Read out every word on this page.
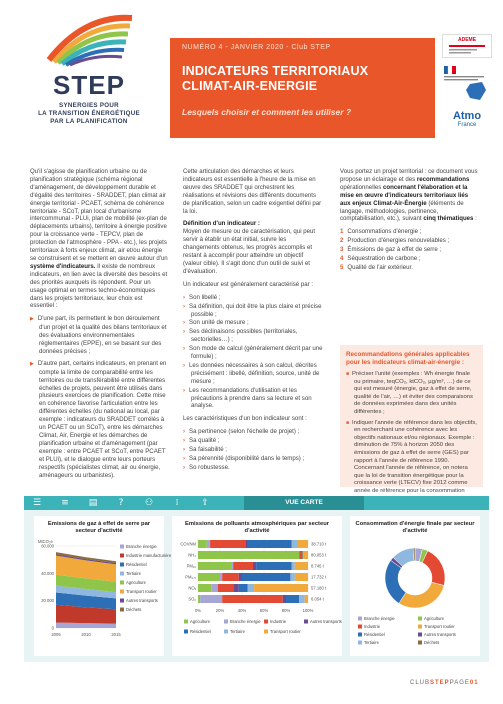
STEP
SYNERGIES POUR
LA TRANSITION ÉNERGÉTIQUE
PAR LA PLANIFICATION
NUMÉRO 4 - JANVIER 2020 - Club STEP
INDICATEURS TERRITORIAUX
CLIMAT-AIR-ENERGIE
Lesquels choisir et comment les utiliser ?
ADEME
Atmo
France

Qu'il s'agisse de planification urbaine ou de planification stratégique (schéma régional d'aménagement, de développement durable et d'égalité des territoires - SRADDET, plan climat air énergie territorial - PCAET, schéma de cohérence territoriale - SCoT, plan local d'urbanisme intercommunal - PLUi, plan de mobilité (ex-plan de déplacements urbains), territoire à énergie positive pour la croissance verte - TEPCV, plan de protection de l'atmosphère - PPA - etc.), les projets territoriaux à forts enjeux climat, air et/ou énergie se construisent et se mettent en œuvre autour d'un système d'indicateurs. Il existe de nombreux indicateurs, en lien avec la diversité des besoins et des priorités auxquels ils répondent. Pour un usage optimal en termes techno-économiques dans les projets territoriaux, leur choix est essentiel :

▶ D'une part, ils permettent le bon déroulement d'un projet et la qualité des bilans territoriaux et des évaluations environnementales réglementaires (EPPE), en se basant sur des données précises ;
▶ D'autre part, certains indicateurs, en prenant en compte la limite de comparabilité entre les territoires ou de transférabilité entre différentes échelles de projets, peuvent être utilisés dans plusieurs exercices de planification. Cette mise en cohérence favorise l'articulation entre les différentes échelles (du national au local, par exemple : indicateurs du SRADDET corrélés à un PCAET ou un SCoT), entre les démarches Climat, Air, Energie et les démarches de planification urbaine et d'aménagement (par exemple : entre PCAET et SCoT, entre PCAET et PLUi), et le dialogue entre leurs porteurs respectifs (spécialistes climat, air ou énergie, aménageurs ou urbanistes).

Cette articulation des démarches et leurs indicateurs est essentielle à l'heure de la mise en œuvre des SRADDET qui orchestrent les réalisations et révisions des différents documents de planification, selon un cadre exigentiel défini par la loi.

Définition d'un indicateur :

Moyen de mesure ou de caractérisation, qui peut servir à établir un état initial, suivre les changements obtenus, les progrès accomplis et restant à accomplir pour atteindre un objectif (valeur cible). Il s'agit donc d'un outil de suivi et d'évaluation.

Un indicateur est généralement caractérisé par :

› Son libellé ;
› Sa définition, qui doit être la plus claire et précise possible ;
› Son unité de mesure ;
› Ses déclinaisons possibles (territoriales, sectorielles…) ;
› Son mode de calcul (généralement décrit par une formule) ;
› Les données nécessaires à son calcul, décrites précisément : libellé, définition, source, unité de mesure ;
› Les recommandations d'utilisation et les précautions à prendre dans sa lecture et son analyse.

Les caractéristiques d'un bon indicateur sont :

› Sa pertinence (selon l'échelle de projet) ;
› Sa qualité ;
› Sa faisabilité ;
› Sa pérennité (disponibilité dans le temps) ;
› So robustesse.

Vous portez un projet territorial : ce document vous propose un éclairage et des recommandations opérationnelles concernant l'élaboration et la mise en œuvre d'indicateurs territoriaux liés aux enjeux Climat-Air-Énergie (éléments de langage, méthodologies, pertinence, comptabilisation, etc.), suivant cinq thématiques :

1 Consommations d'énergie ;
2 Production d'énergies renouvelables ;
3 Émissions de gaz à effet de serre ;
4 Séquestration de carbone ;
5 Qualité de l'air extérieur.
Recommandations générales applicables pour les indicateurs climat-air-énergie :
■ Préciser l'unité (exemples : Wh énergie finale ou primaire, teqCO₂, ktCO₂, µg/m³, …) de ce qui est mesuré (énergie, gaz à effet de serre, qualité de l'air, …) et éviter des comparaisons de données exprimées dans des unités différentes ;
■ Indiquer l'année de référence dans les objectifs, en recherchant une cohérence avec les objectifs nationaux et/ou régionaux. Exemple : diminution de 75% à horizon 2050 des émissions de gaz à effet de serre (GES) par rapport à l'année de référence 1990. Concernant l'année de référence, on notera que la loi de transition énergétique pour la croissance verte (LTECV) fixe 2012 comme année de référence pour la consommation
☰ ≡ ▤ ? ⚇	⁞	⇪	VUE CARTE
Emissions de gaz à effet de serre par secteur d'activité
MtCO₂e
0
20.000
40.000
60.000
2005	2010	2015
Branche énergie
Industrie manufacturière
Résidentiel
Tertiaire
Agriculture
Transport routier
Autres transports
Déchets
Emissions de polluants atmosphériques par secteur d'activité
0%	20%	40%	60%	80%	100%
COVNM	38.710 t
NH₃	80.053 t
PM₁₀	8.745 t
PM₂.₅	17.732 t
NOₓ	57.180 t
SO₂	6.054 t
Agriculture	Branche énergie Industrie	Autres transports
Résidentiel	Tertiaire	Transport routier
Consommation d'énergie finale par secteur d'activité
Branche énergie	Agriculture
Industrie	Transport routier
Résidentiel	Autres transports
Tertiaire	Déchets
CLUBSTEPPAGE01
